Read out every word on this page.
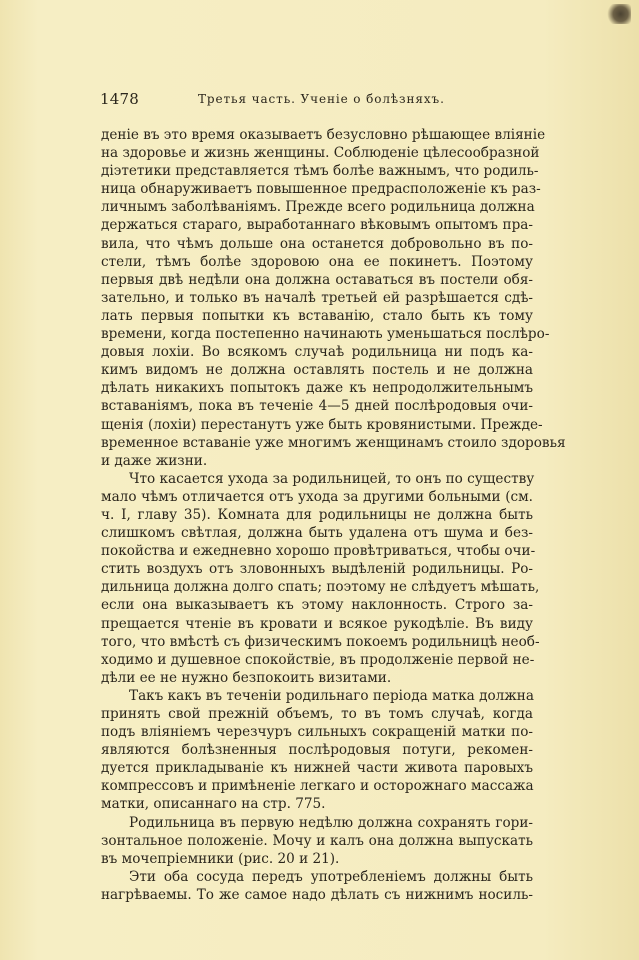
1478	Третья часть. Ученіе о болѣзняхъ.
деніе въ это время оказываетъ безусловно рѣшающее вліяніе
на здоровье и жизнь женщины. Соблюденіе цѣлесообразной
діэтетики представляется тѣмъ болѣе важнымъ, что родиль-
ница обнаруживаетъ повышенное предрасположеніе къ раз-
личнымъ заболѣваніямъ. Прежде всего родильница должна
держаться стараго, выработаннаго вѣковымъ опытомъ пра-
вила, что чѣмъ дольше она останется добровольно въ по-
стели, тѣмъ болѣе здоровою она ее покинетъ. Поэтому
первыя двѣ недѣли она должна оставаться въ постели обя-
зательно, и только въ началѣ третьей ей разрѣшается сдѣ-
лать первыя попытки къ вставанію, стало быть къ тому
времени, когда постепенно начинають уменьшаться послѣро-
довыя лохіи. Во всякомъ случаѣ родильница ни подъ ка-
кимъ видомъ не должна оставлять постель и не должна
дѣлать никакихъ попытокъ даже къ непродолжительнымъ
вставаніямъ, пока въ теченіе 4—5 дней послѣродовыя очи-
щенія (лохіи) перестанутъ уже быть кровянистыми. Прежде-
временное вставаніе уже многимъ женщинамъ стоило здоровья
и даже жизни.
Что касается ухода за родильницей, то онъ по существу
мало чѣмъ отличается отъ ухода за другими больными (см.
ч. I, главу 35). Комната для родильницы не должна быть
слишкомъ свѣтлая, должна быть удалена отъ шума и без-
покойства и ежедневно хорошо провѣтриваться, чтобы очи-
стить воздухъ отъ зловонныхъ выдѣленій родильницы. Ро-
дильница должна долго спать; поэтому не слѣдуетъ мѣшать,
если она выказываетъ къ этому наклонность. Строго за-
прещается чтеніе въ кровати и всякое рукодѣліе. Въ виду
того, что вмѣстѣ съ физическимъ покоемъ родильницѣ необ-
ходимо и душевное спокойствіе, въ продолженіе первой не-
дѣли ее не нужно безпокоить визитами.
Такъ какъ въ теченіи родильнаго періода матка должна
принять свой прежній объемъ, то въ томъ случаѣ, когда
подъ вліяніемъ черезчуръ сильныхъ сокращеній матки по-
являются болѣзненныя послѣродовыя потуги, рекомен-
дуется прикладываніе къ нижней части живота паровыхъ
компрессовъ и примѣненіе легкаго и осторожнаго массажа
матки, описаннаго на стр. 775.
Родильница въ первую недѣлю должна сохранять гори-
зонтальное положеніе. Мочу и калъ она должна выпускать
въ мочепріемники (рис. 20 и 21).
Эти оба сосуда передъ употребленіемъ должны быть
нагрѣваемы. То же самое надо дѣлать съ нижнимъ носиль-
